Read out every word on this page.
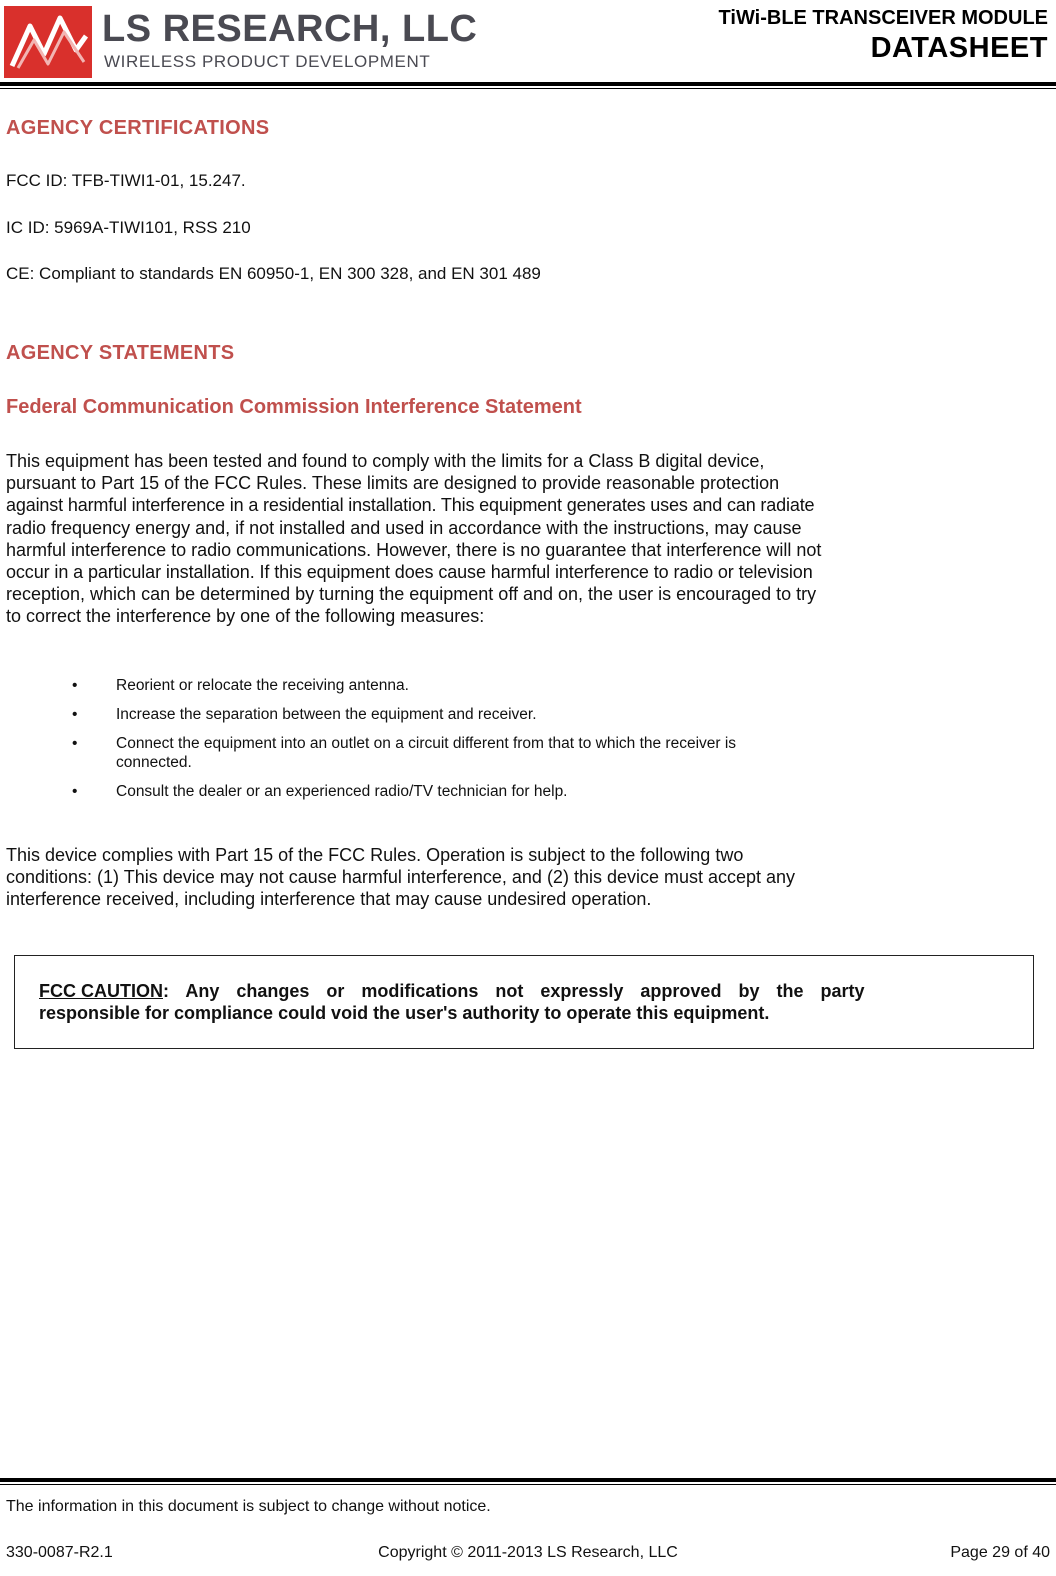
LS RESEARCH, LLC
WIRELESS PRODUCT DEVELOPMENT
TiWi-BLE TRANSCEIVER MODULE
DATASHEET
AGENCY CERTIFICATIONS
FCC ID: TFB-TIWI1-01, 15.247.
IC ID: 5969A-TIWI101, RSS 210
CE: Compliant to standards EN 60950-1, EN 300 328, and EN 301 489
AGENCY STATEMENTS
Federal Communication Commission Interference Statement
This equipment has been tested and found to comply with the limits for a Class B digital device,
pursuant to Part 15 of the FCC Rules. These limits are designed to provide reasonable protection
against harmful interference in a residential installation. This equipment generates uses and can radiate
radio frequency energy and, if not installed and used in accordance with the instructions, may cause
harmful interference to radio communications. However, there is no guarantee that interference will not
occur in a particular installation. If this equipment does cause harmful interference to radio or television
reception, which can be determined by turning the equipment off and on, the user is encouraged to try
to correct the interference by one of the following measures:
• Reorient or relocate the receiving antenna.
• Increase the separation between the equipment and receiver.
• Connect the equipment into an outlet on a circuit different from that to which the receiver is
connected.
• Consult the dealer or an experienced radio/TV technician for help.
This device complies with Part 15 of the FCC Rules. Operation is subject to the following two
conditions: (1) This device may not cause harmful interference, and (2) this device must accept any
interference received, including interference that may cause undesired operation.
FCC CAUTION: Any changes or modifications not expressly approved by the party
responsible for compliance could void the user's authority to operate this equipment.
The information in this document is subject to change without notice.
330-0087-R2.1	Copyright © 2011-2013 LS Research, LLC	Page 29 of 40
